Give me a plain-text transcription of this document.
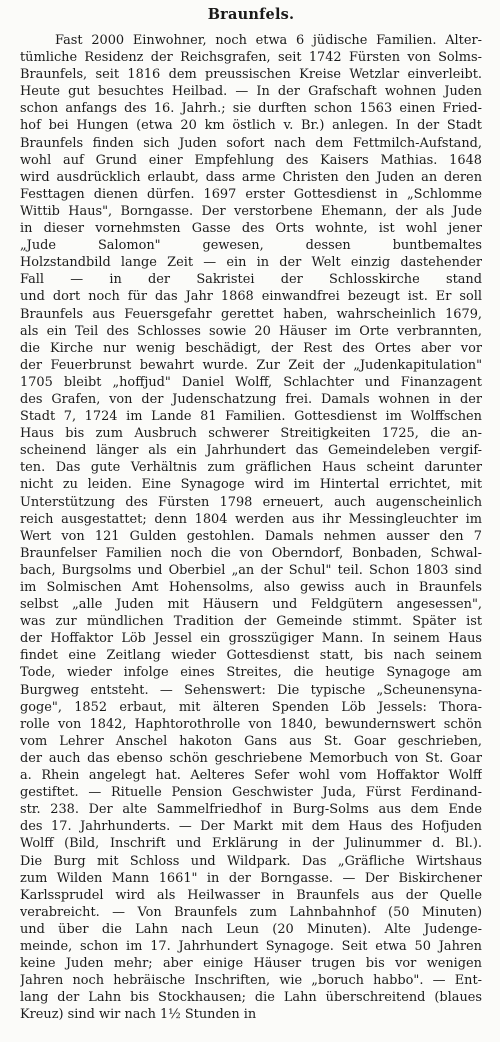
Braunfels.
Fast 2000 Einwohner, noch etwa 6 jüdische Familien. Alter-
tümliche Residenz der Reichsgrafen, seit 1742 Fürsten von Solms-
Braunfels, seit 1816 dem preussischen Kreise Wetzlar einverleibt.
Heute gut besuchtes Heilbad. — In der Grafschaft wohnen Juden
schon anfangs des 16. Jahrh.; sie durften schon 1563 einen Fried-
hof bei Hungen (etwa 20 km östlich v. Br.) anlegen. In der Stadt
Braunfels finden sich Juden sofort nach dem Fettmilch-Aufstand,
wohl auf Grund einer Empfehlung des Kaisers Mathias. 1648
wird ausdrücklich erlaubt, dass arme Christen den Juden an deren
Festtagen dienen dürfen. 1697 erster Gottesdienst in „Schlomme
Wittib Haus", Borngasse. Der verstorbene Ehemann, der als Jude
in dieser vornehmsten Gasse des Orts wohnte, ist wohl jener
„Jude Salomon" gewesen, dessen buntbemaltes
Holzstandbild lange Zeit — ein in der Welt einzig dastehender
Fall — in der Sakristei der Schlosskirche stand
und dort noch für das Jahr 1868 einwandfrei bezeugt ist. Er soll
Braunfels aus Feuersgefahr gerettet haben, wahrscheinlich 1679,
als ein Teil des Schlosses sowie 20 Häuser im Orte verbrannten,
die Kirche nur wenig beschädigt, der Rest des Ortes aber vor
der Feuerbrunst bewahrt wurde. Zur Zeit der „Judenkapitulation"
1705 bleibt „hoffjud" Daniel Wolff, Schlachter und Finanzagent
des Grafen, von der Judenschatzung frei. Damals wohnen in der
Stadt 7, 1724 im Lande 81 Familien. Gottesdienst im Wolffschen
Haus bis zum Ausbruch schwerer Streitigkeiten 1725, die an-
scheinend länger als ein Jahrhundert das Gemeindeleben vergif-
ten. Das gute Verhältnis zum gräflichen Haus scheint darunter
nicht zu leiden. Eine Synagoge wird im Hintertal errichtet, mit
Unterstützung des Fürsten 1798 erneuert, auch augenscheinlich
reich ausgestattet; denn 1804 werden aus ihr Messingleuchter im
Wert von 121 Gulden gestohlen. Damals nehmen ausser den 7
Braunfelser Familien noch die von Oberndorf, Bonbaden, Schwal-
bach, Burgsolms und Oberbiel „an der Schul" teil. Schon 1803 sind
im Solmischen Amt Hohensolms, also gewiss auch in Braunfels
selbst „alle Juden mit Häusern und Feldgütern angesessen",
was zur mündlichen Tradition der Gemeinde stimmt. Später ist
der Hoffaktor Löb Jessel ein grosszügiger Mann. In seinem Haus
findet eine Zeitlang wieder Gottesdienst statt, bis nach seinem
Tode, wieder infolge eines Streites, die heutige Synagoge am
Burgweg entsteht. — Sehenswert: Die typische „Scheunensyna-
goge", 1852 erbaut, mit älteren Spenden Löb Jessels: Thora-
rolle von 1842, Haphtorothrolle von 1840, bewundernswert schön
vom Lehrer Anschel hakoton Gans aus St. Goar geschrieben,
der auch das ebenso schön geschriebene Memorbuch von St. Goar
a. Rhein angelegt hat. Aelteres Sefer wohl vom Hoffaktor Wolff
gestiftet. — Rituelle Pension Geschwister Juda, Fürst Ferdinand-
str. 238. Der alte Sammelfriedhof in Burg-Solms aus dem Ende
des 17. Jahrhunderts. — Der Markt mit dem Haus des Hofjuden
Wolff (Bild, Inschrift und Erklärung in der Julinummer d. Bl.).
Die Burg mit Schloss und Wildpark. Das „Gräfliche Wirtshaus
zum Wilden Mann 1661" in der Borngasse. — Der Biskirchener
Karlssprudel wird als Heilwasser in Braunfels aus der Quelle
verabreicht. — Von Braunfels zum Lahnbahnhof (50 Minuten)
und über die Lahn nach Leun (20 Minuten). Alte Judenge-
meinde, schon im 17. Jahrhundert Synagoge. Seit etwa 50 Jahren
keine Juden mehr; aber einige Häuser trugen bis vor wenigen
Jahren noch hebräische Inschriften, wie „boruch habbo". — Ent-
lang der Lahn bis Stockhausen; die Lahn überschreitend (blaues
Kreuz) sind wir nach 1½ Stunden in
